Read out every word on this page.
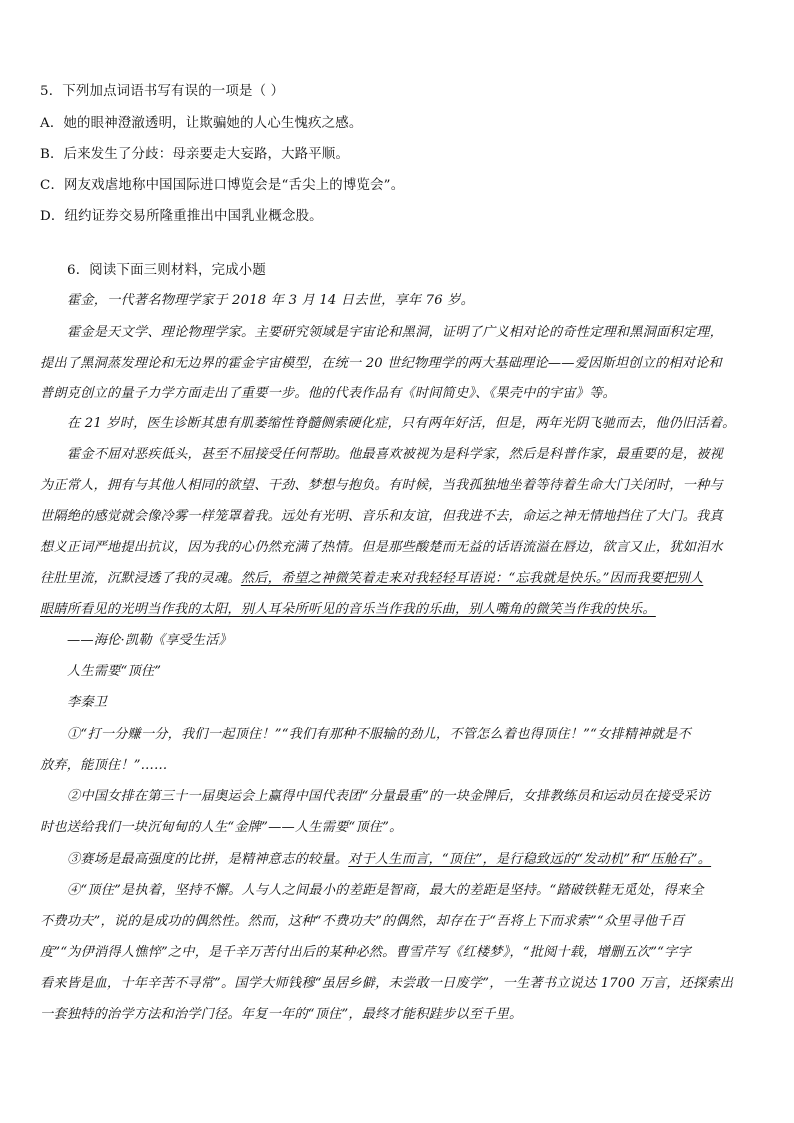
5．下列加点词语书写有误的一项是（ ）
A．她的眼神澄澈透明，让欺骗她的人心生愧疚之感。
B．后来发生了分歧：母亲要走大妄路，大路平顺。
C．网友戏虐地称中国国际进口博览会是“舌尖上的博览会”。
D．纽约证券交易所隆重推出中国乳业概念股。
6．阅读下面三则材料，完成小题
霍金，一代著名物理学家于 2018 年 3 月 14 日去世，享年 76 岁。
霍金是天文学、理论物理学家。主要研究领域是宇宙论和黑洞，证明了广义相对论的奇性定理和黑洞面积定理，
提出了黑洞蒸发理论和无边界的霍金宇宙模型，在统一 20 世纪物理学的两大基础理论——爱因斯坦创立的相对论和
普朗克创立的量子力学方面走出了重要一步。他的代表作品有《时间简史》、《果壳中的宇宙》等。
在 21 岁时，医生诊断其患有肌萎缩性脊髓侧索硬化症，只有两年好活，但是，两年光阴飞驰而去，他仍旧活着。
霍金不屈对恶疾低头，甚至不屈接受任何帮助。他最喜欢被视为是科学家，然后是科普作家，最重要的是，被视
为正常人，拥有与其他人相同的欲望、干劲、梦想与抱负。有时候，当我孤独地坐着等待着生命大门关闭时，一种与
世隔绝的感觉就会像冷雾一样笼罩着我。远处有光明、音乐和友谊，但我进不去，命运之神无情地挡住了大门。我真
想义正词严地提出抗议，因为我的心仍然充满了热情。但是那些酸楚而无益的话语流溢在唇边，欲言又止，犹如泪水
往肚里流，沉默浸透了我的灵魂。然后，希望之神微笑着走来对我轻轻耳语说：“忘我就是快乐。”因而我要把别人
眼睛所看见的光明当作我的太阳，别人耳朵所听见的音乐当作我的乐曲，别人嘴角的微笑当作我的快乐。
——海伦·凯勒《享受生活》
人生需要“顶住”
李秦卫
①“打一分赚一分，我们一起顶住！”“我们有那种不服输的劲儿，不管怎么着也得顶住！”“女排精神就是不
放弃，能顶住！”……
②中国女排在第三十一届奥运会上赢得中国代表团“分量最重”的一块金牌后，女排教练员和运动员在接受采访
时也送给我们一块沉甸甸的人生“金牌”——人生需要“顶住”。
③赛场是最高强度的比拼，是精神意志的较量。对于人生而言，“顶住”，是行稳致远的“发动机”和“压舱石”。
④“顶住”是执着，坚持不懈。人与人之间最小的差距是智商，最大的差距是坚持。“踏破铁鞋无觅处，得来全
不费功夫”，说的是成功的偶然性。然而，这种“不费功夫”的偶然，却存在于“吾将上下而求索”“众里寻他千百
度”“为伊消得人憔悴”之中，是千辛万苦付出后的某种必然。曹雪芹写《红楼梦》，“批阅十载，增删五次”“字字
看来皆是血，十年辛苦不寻常”。国学大师钱穆“虽居乡僻，未尝敢一日废学”，一生著书立说达 1700 万言，还探索出
一套独特的治学方法和治学门径。年复一年的“顶住”，最终才能积跬步以至千里。
